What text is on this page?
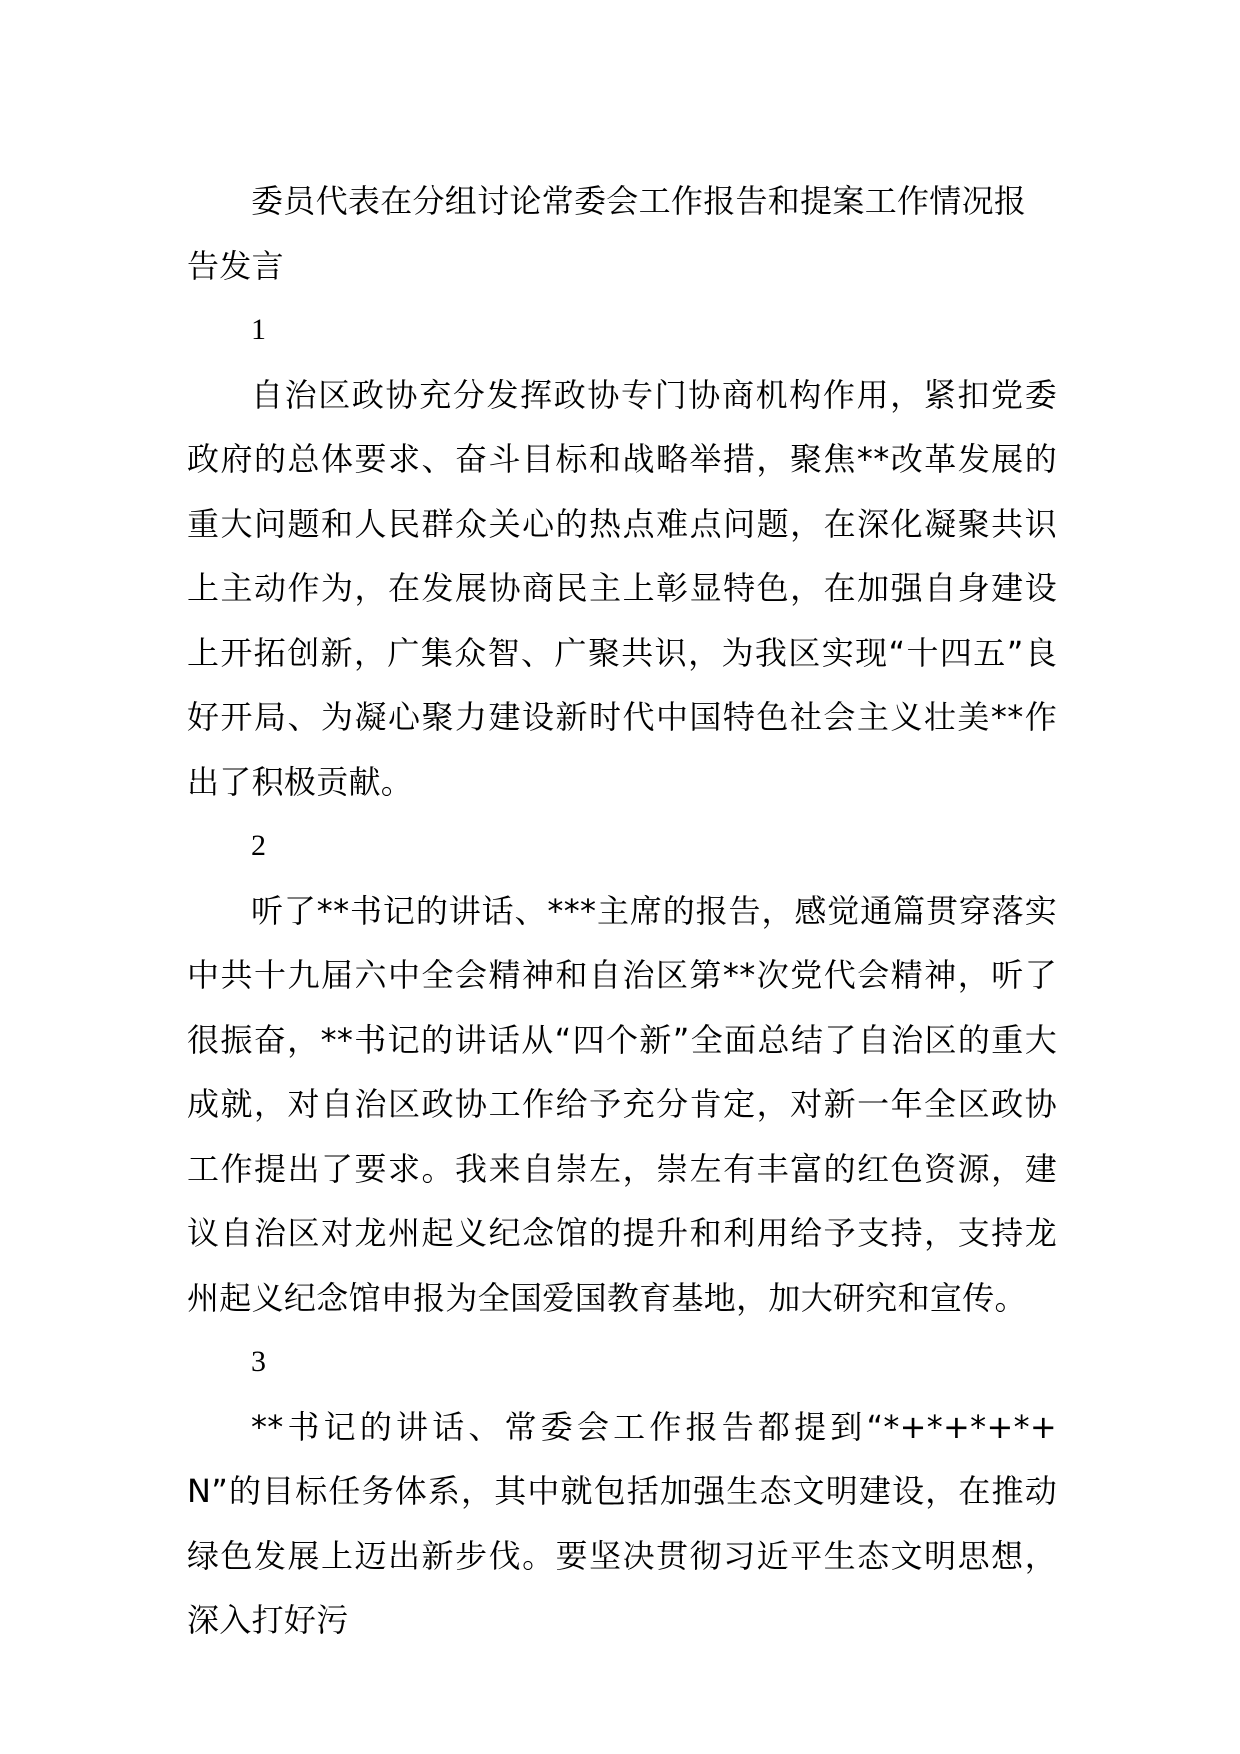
委员代表在分组讨论常委会工作报告和提案工作情况报告发言

1

自治区政协充分发挥政协专门协商机构作用，紧扣党委政府的总体要求、奋斗目标和战略举措，聚焦**改革发展的重大问题和人民群众关心的热点难点问题，在深化凝聚共识上主动作为，在发展协商民主上彰显特色，在加强自身建设上开拓创新，广集众智、广聚共识，为我区实现“十四五”良好开局、为凝心聚力建设新时代中国特色社会主义壮美**作出了积极贡献。

2

听了**书记的讲话、***主席的报告，感觉通篇贯穿落实中共十九届六中全会精神和自治区第**次党代会精神，听了很振奋，**书记的讲话从“四个新”全面总结了自治区的重大成就，对自治区政协工作给予充分肯定，对新一年全区政协工作提出了要求。我来自崇左，崇左有丰富的红色资源，建议自治区对龙州起义纪念馆的提升和利用给予支持，支持龙州起义纪念馆申报为全国爱国教育基地，加大研究和宣传。

3

**书记的讲话、常委会工作报告都提到“*+*+*+*+N”的目标任务体系，其中就包括加强生态文明建设，在推动绿色发展上迈出新步伐。要坚决贯彻习近平生态文明思想，深入打好污
